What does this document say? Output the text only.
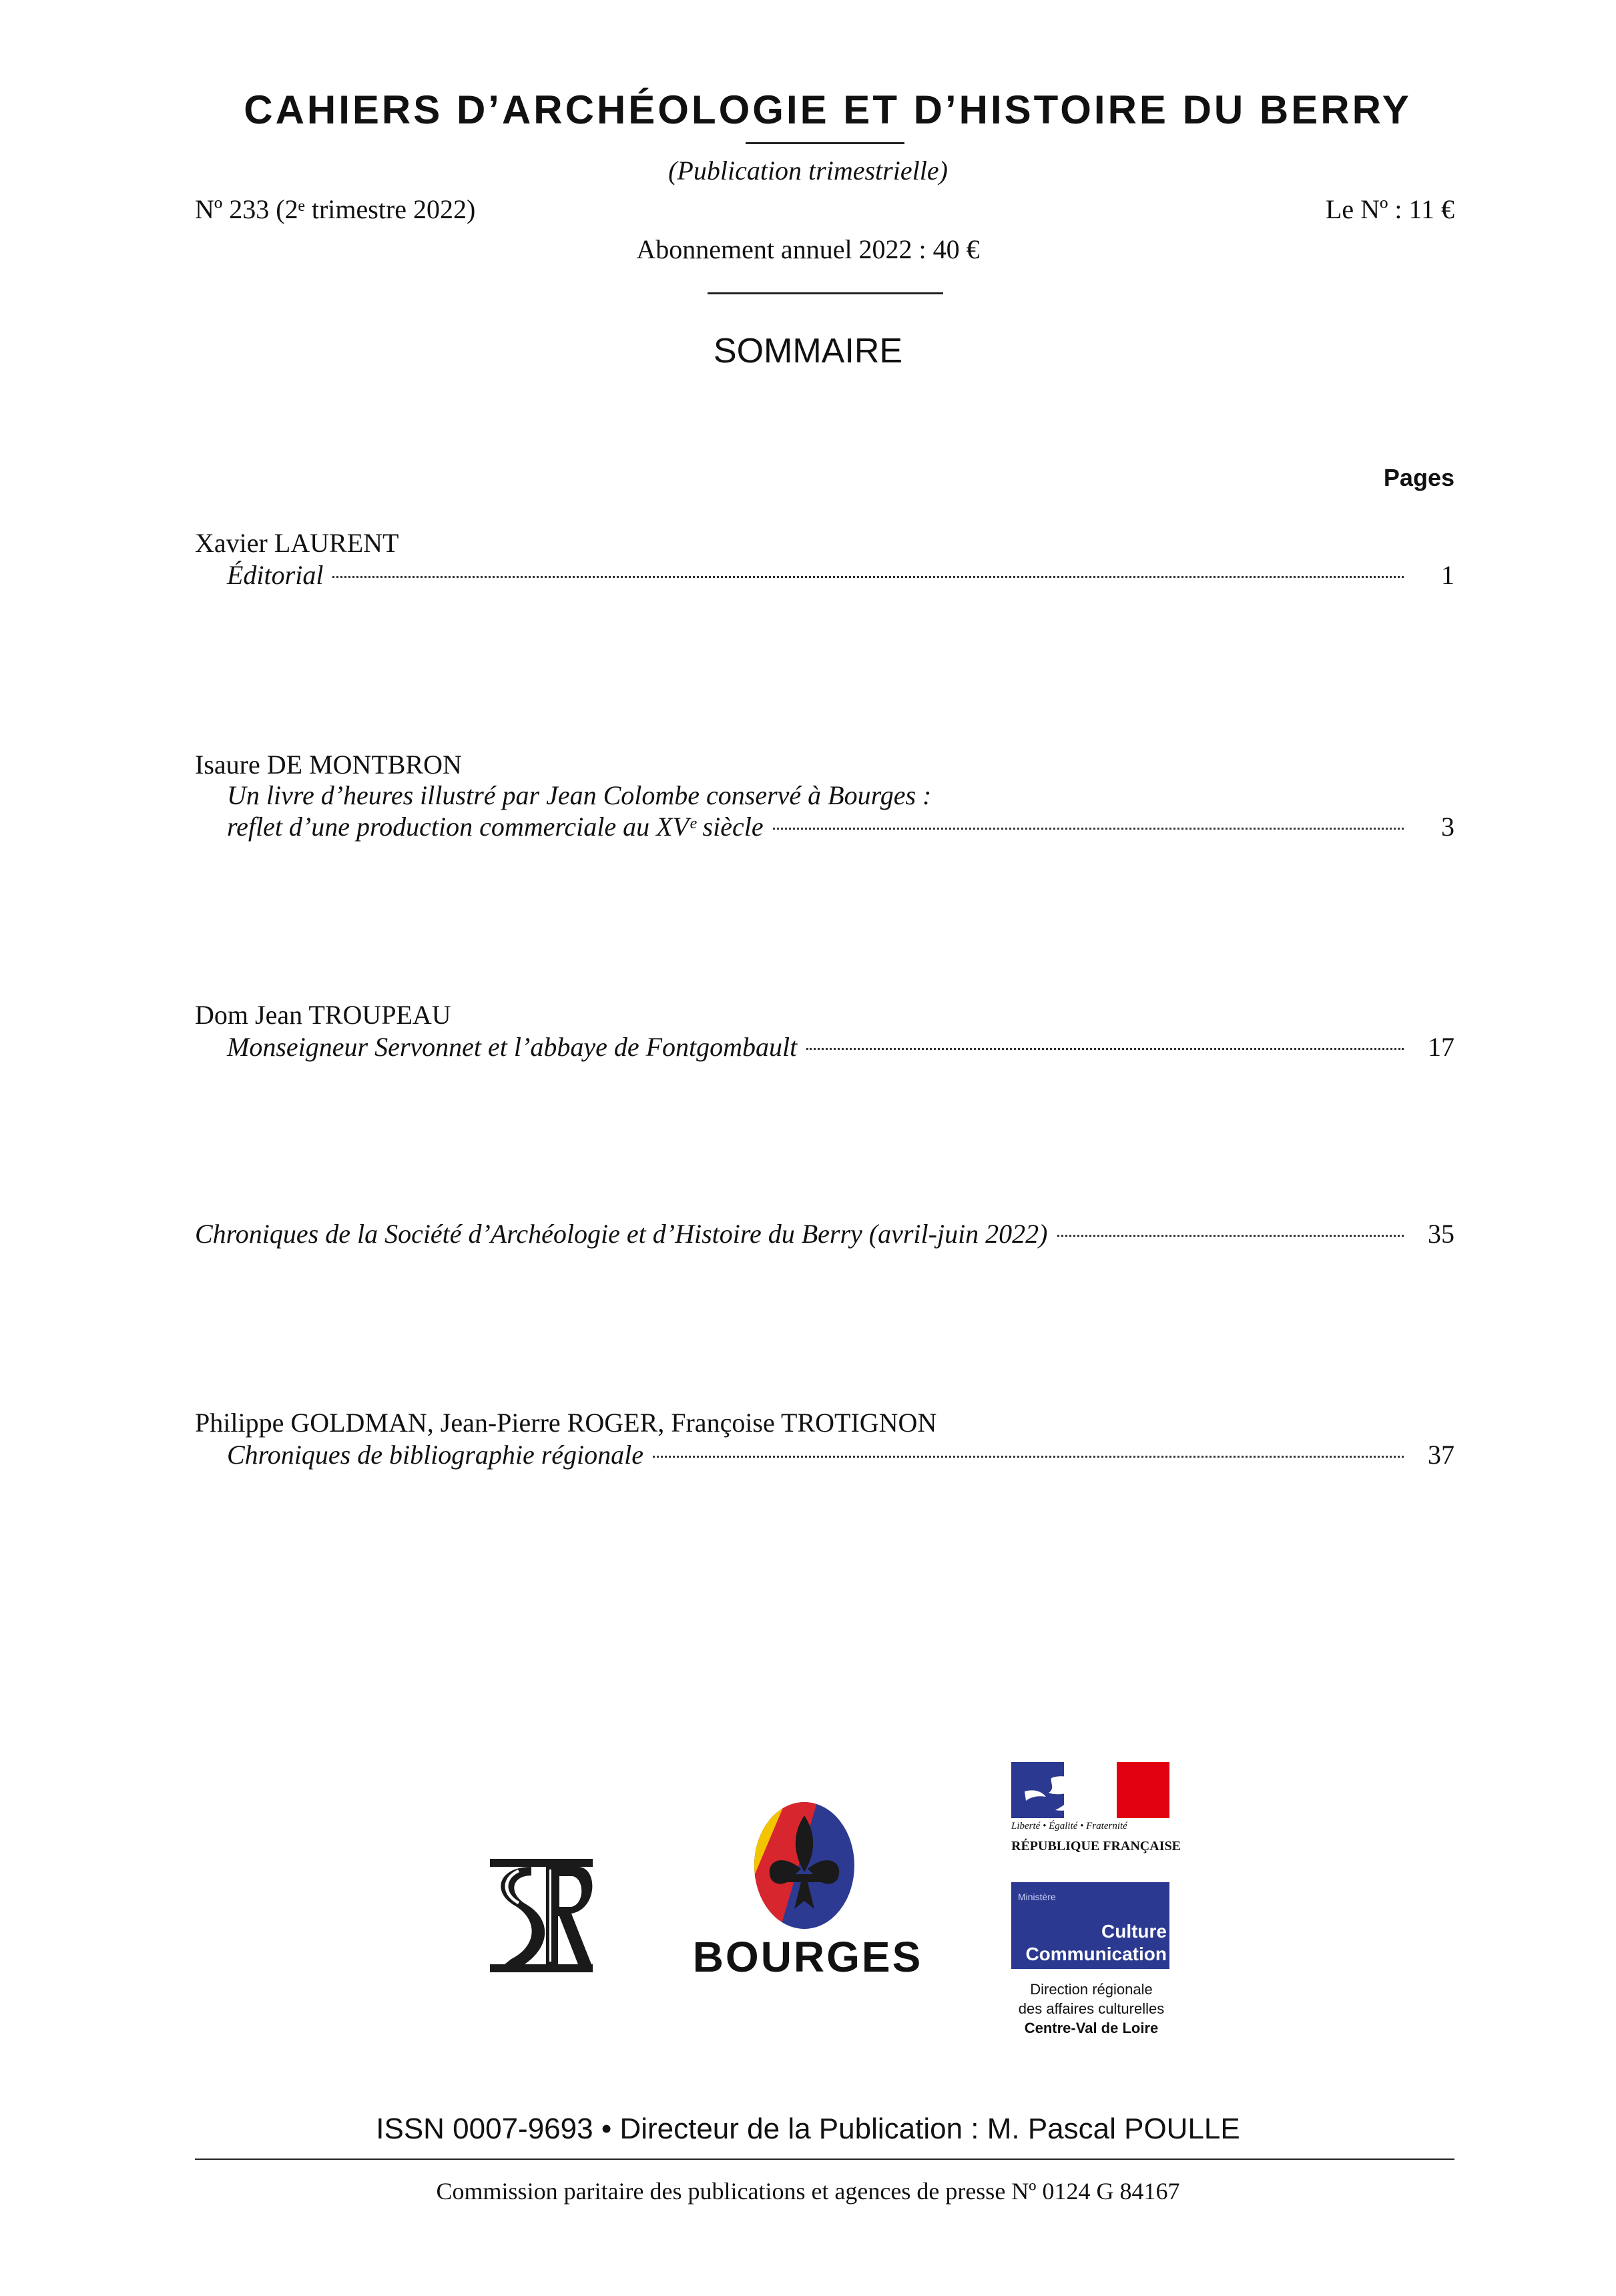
CAHIERS D’ARCHÉOLOGIE ET D’HISTOIRE DU BERRY
(Publication trimestrielle)
Nº 233 (2ᵉ trimestre 2022)	Le Nº : 11 €
Abonnement annuel 2022 : 40 €
SOMMAIRE
Pages
Xavier LAURENT
Éditorial	1
Isaure DE MONTBRON
Un livre d’heures illustré par Jean Colombe conservé à Bourges :
reflet d’une production commerciale au XVᵉ siècle	3
Dom Jean TROUPEAU
Monseigneur Servonnet et l’abbaye de Fontgombault	17
Chroniques de la Société d’Archéologie et d’Histoire du Berry (avril-juin 2022)	35
Philippe GOLDMAN, Jean-Pierre ROGER, Françoise TROTIGNON
Chroniques de bibliographie régionale	37
BOURGES
Liberté • Égalité • Fraternité
RÉPUBLIQUE FRANÇAISE
Ministère
Culture
Communication
Direction régionale
des affaires culturelles
Centre-Val de Loire
ISSN 0007-9693 • Directeur de la Publication : M. Pascal POULLE
Commission paritaire des publications et agences de presse Nº 0124 G 84167
